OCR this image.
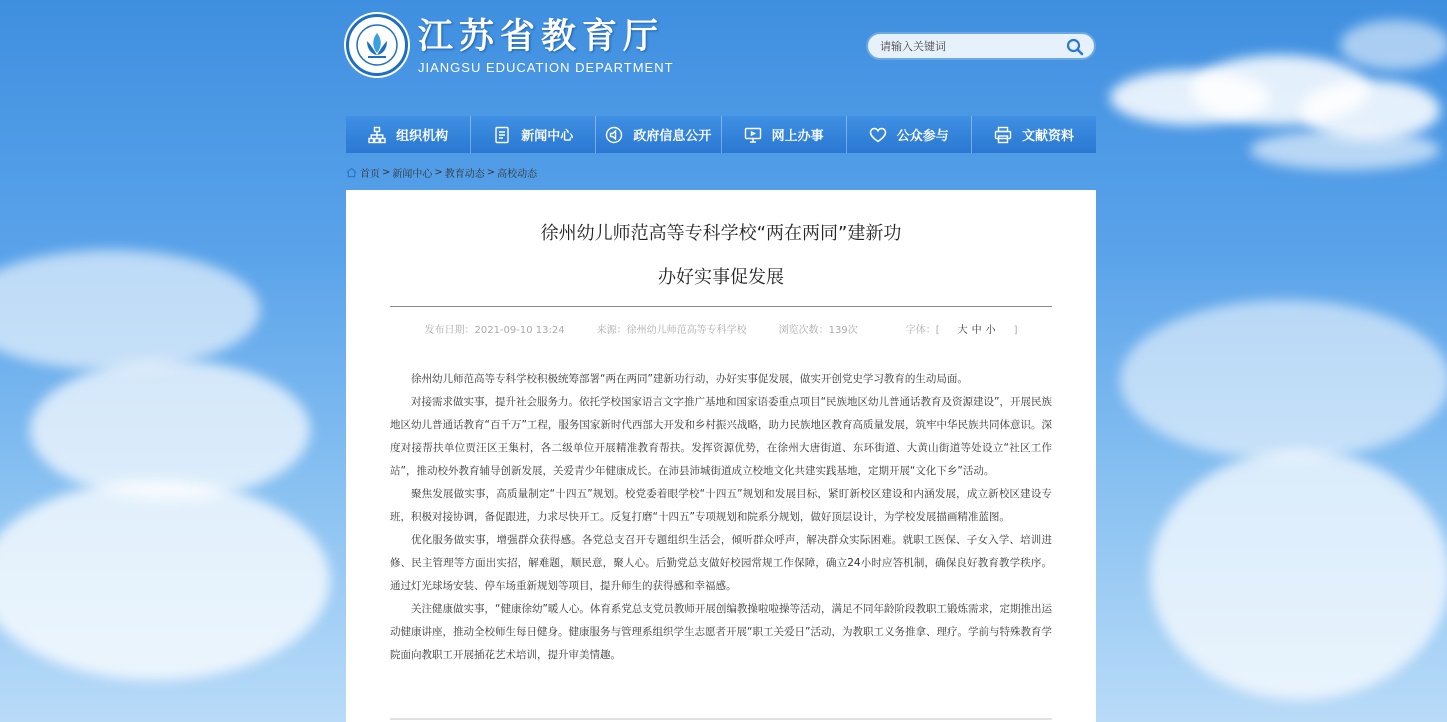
江苏省教育厅
JIANGSU EDUCATION DEPARTMENT
请输入关键词
组织机构	新闻中心	政府信息公开	网上办事	公众参与	文献资料
首页 > 新闻中心 > 教育动态 > 高校动态
徐州幼儿师范高等专科学校“两在两同”建新功
办好实事促发展
发布日期：2021-09-10 13:24	来源：徐州幼儿师范高等专科学校	浏览次数：139次	字体：[ 大 中 小 ]

徐州幼儿师范高等专科学校积极统筹部署“两在两同”建新功行动，办好实事促发展，做实开创党史学习教育的生动局面。

对接需求做实事，提升社会服务力。依托学校国家语言文字推广基地和国家语委重点项目“民族地区幼儿普通话教育及资源建设”，开展民族地区幼儿普通话教育“百千万”工程，服务国家新时代西部大开发和乡村振兴战略，助力民族地区教育高质量发展，筑牢中华民族共同体意识。深度对接帮扶单位贾汪区王集村，各二级单位开展精准教育帮扶。发挥资源优势，在徐州大唐街道、东环街道、大黄山街道等处设立“社区工作站”，推动校外教育辅导创新发展，关爱青少年健康成长。在沛县沛城街道成立校地文化共建实践基地，定期开展“文化下乡”活动。

聚焦发展做实事，高质量制定“十四五”规划。校党委着眼学校“十四五”规划和发展目标，紧盯新校区建设和内涵发展，成立新校区建设专班，积极对接协调，备促跟进，力求尽快开工。反复打磨“十四五”专项规划和院系分规划，做好顶层设计，为学校发展描画精准蓝图。

优化服务做实事，增强群众获得感。各党总支召开专题组织生活会，倾听群众呼声，解决群众实际困难。就职工医保、子女入学、培训进修、民主管理等方面出实招，解难题，顺民意，聚人心。后勤党总支做好校园常规工作保障，确立24小时应答机制，确保良好教育教学秩序。通过灯光球场安装、停车场重新规划等项目，提升师生的获得感和幸福感。

关注健康做实事，“健康徐幼”暖人心。体育系党总支党员教师开展创编教操啦啦操等活动，满足不同年龄阶段教职工锻炼需求，定期推出运动健康讲座，推动全校师生每日健身。健康服务与管理系组织学生志愿者开展“职工关爱日”活动，为教职工义务推拿、理疗。学前与特殊教育学院面向教职工开展插花艺术培训，提升审美情趣。
